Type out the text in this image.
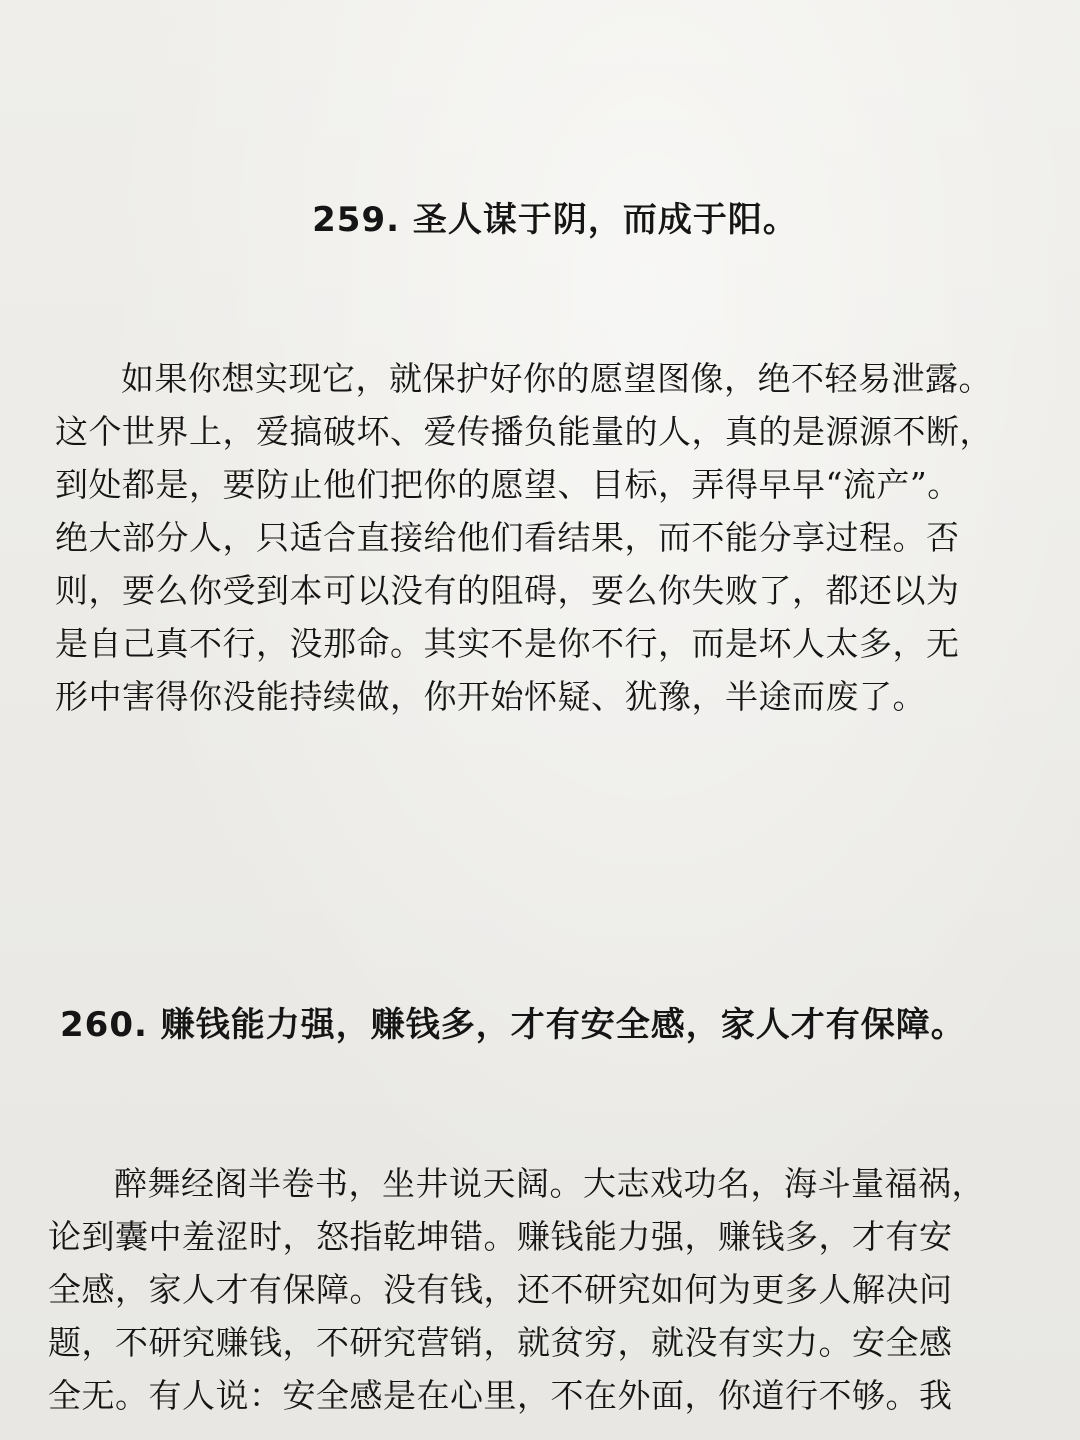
259. 圣人谋于阴，而成于阳。
如果你想实现它，就保护好你的愿望图像，绝不轻易泄露。
这个世界上，爱搞破坏、爱传播负能量的人，真的是源源不断，
到处都是，要防止他们把你的愿望、目标，弄得早早“流产”。
绝大部分人，只适合直接给他们看结果，而不能分享过程。否
则，要么你受到本可以没有的阻碍，要么你失败了，都还以为
是自己真不行，没那命。其实不是你不行，而是坏人太多，无
形中害得你没能持续做，你开始怀疑、犹豫，半途而废了。
260. 赚钱能力强，赚钱多，才有安全感，家人才有保障。
醉舞经阁半卷书，坐井说天阔。大志戏功名，海斗量福祸，
论到囊中羞涩时，怒指乾坤错。赚钱能力强，赚钱多，才有安
全感，家人才有保障。没有钱，还不研究如何为更多人解决问
题，不研究赚钱，不研究营销，就贫穷，就没有实力。安全感
全无。有人说：安全感是在心里，不在外面，你道行不够。我
